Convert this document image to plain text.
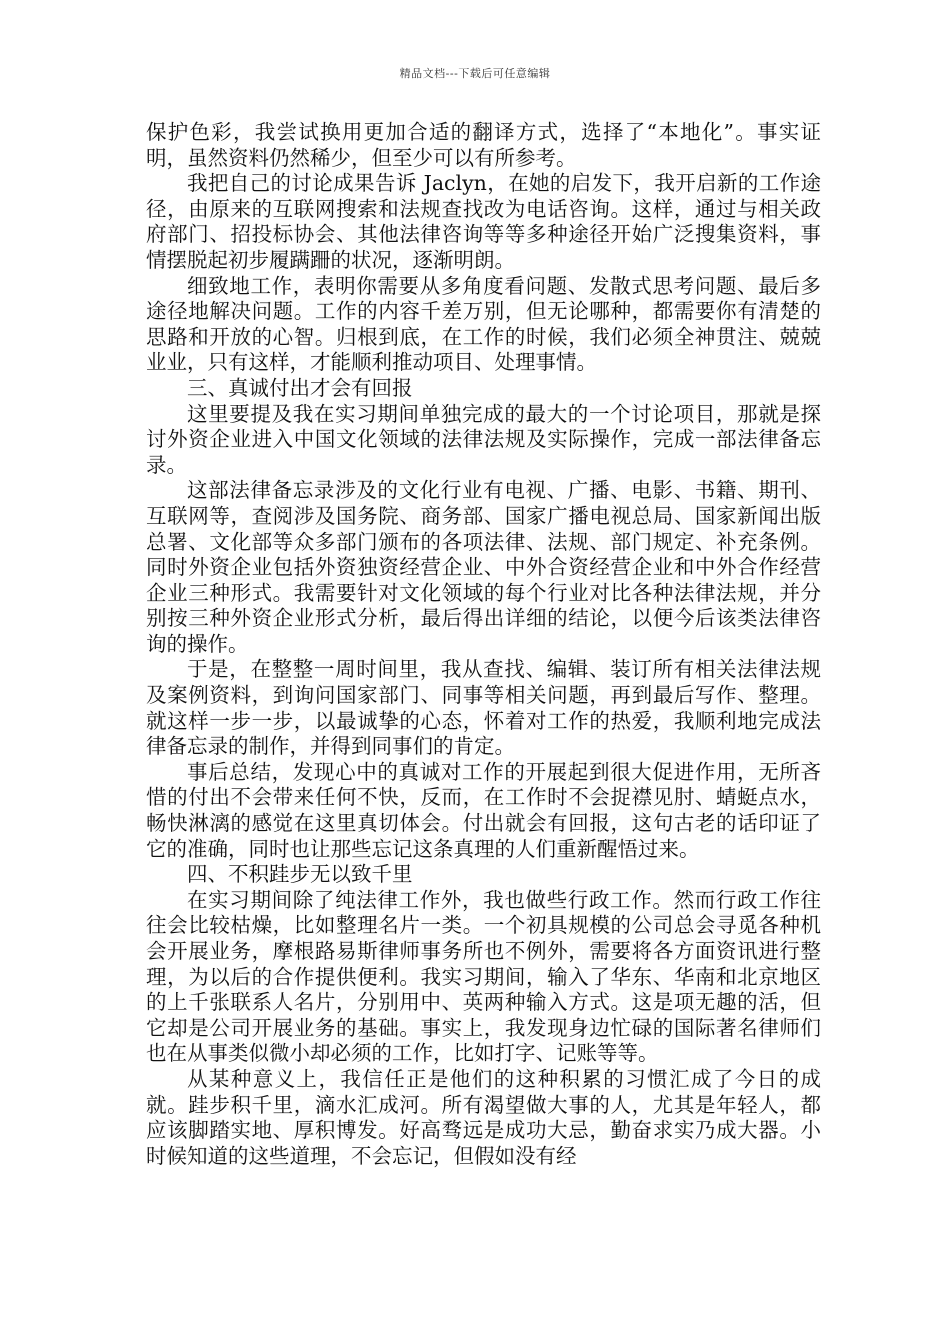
精品文档---下载后可任意编辑

保护色彩，我尝试换用更加合适的翻译方式，选择了“本地化”。事实证明，虽然资料仍然稀少，但至少可以有所参考。

我把自己的讨论成果告诉 Jaclyn，在她的启发下，我开启新的工作途径，由原来的互联网搜索和法规查找改为电话咨询。这样，通过与相关政府部门、招投标协会、其他法律咨询等等多种途径开始广泛搜集资料，事情摆脱起初步履蹒跚的状况，逐渐明朗。

细致地工作，表明你需要从多角度看问题、发散式思考问题、最后多途径地解决问题。工作的内容千差万别，但无论哪种，都需要你有清楚的思路和开放的心智。归根到底，在工作的时候，我们必须全神贯注、兢兢业业，只有这样，才能顺利推动项目、处理事情。

三、真诚付出才会有回报

这里要提及我在实习期间单独完成的最大的一个讨论项目，那就是探讨外资企业进入中国文化领域的法律法规及实际操作，完成一部法律备忘录。

这部法律备忘录涉及的文化行业有电视、广播、电影、书籍、期刊、互联网等，查阅涉及国务院、商务部、国家广播电视总局、国家新闻出版总署、文化部等众多部门颁布的各项法律、法规、部门规定、补充条例。同时外资企业包括外资独资经营企业、中外合资经营企业和中外合作经营企业三种形式。我需要针对文化领域的每个行业对比各种法律法规，并分别按三种外资企业形式分析，最后得出详细的结论，以便今后该类法律咨询的操作。

于是，在整整一周时间里，我从查找、编辑、装订所有相关法律法规及案例资料，到询问国家部门、同事等相关问题，再到最后写作、整理。就这样一步一步，以最诚挚的心态，怀着对工作的热爱，我顺利地完成法律备忘录的制作，并得到同事们的肯定。

事后总结，发现心中的真诚对工作的开展起到很大促进作用，无所吝惜的付出不会带来任何不快，反而，在工作时不会捉襟见肘、蜻蜓点水，畅快淋漓的感觉在这里真切体会。付出就会有回报，这句古老的话印证了它的准确，同时也让那些忘记这条真理的人们重新醒悟过来。

四、不积跬步无以致千里

在实习期间除了纯法律工作外，我也做些行政工作。然而行政工作往往会比较枯燥，比如整理名片一类。一个初具规模的公司总会寻觅各种机会开展业务，摩根路易斯律师事务所也不例外，需要将各方面资讯进行整理，为以后的合作提供便利。我实习期间，输入了华东、华南和北京地区的上千张联系人名片，分别用中、英两种输入方式。这是项无趣的活，但它却是公司开展业务的基础。事实上，我发现身边忙碌的国际著名律师们也在从事类似微小却必须的工作，比如打字、记账等等。

从某种意义上，我信任正是他们的这种积累的习惯汇成了今日的成就。跬步积千里，滴水汇成河。所有渴望做大事的人，尤其是年轻人，都应该脚踏实地、厚积博发。好高骛远是成功大忌，勤奋求实乃成大器。小时候知道的这些道理，不会忘记，但假如没有经
